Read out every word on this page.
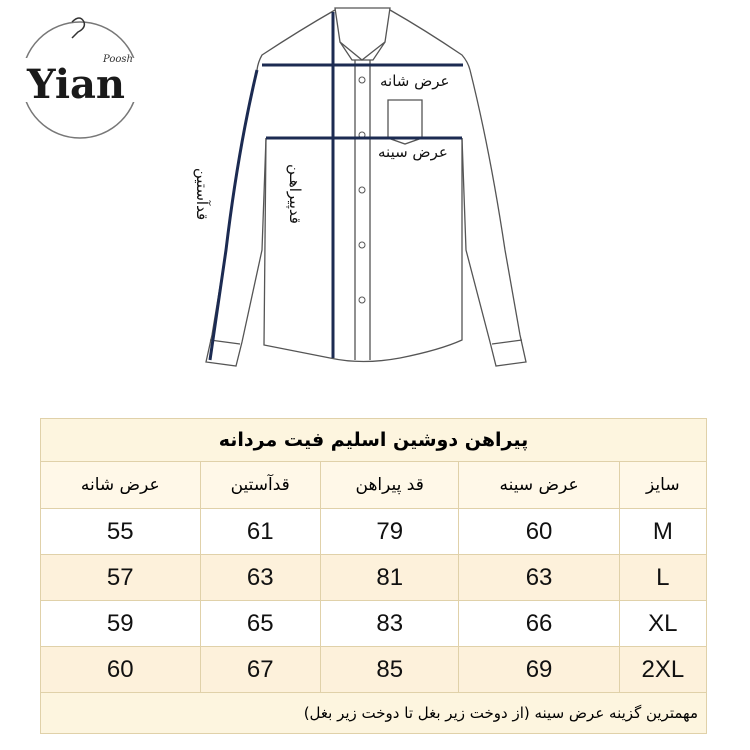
Yian
Poosh
عرض شانه
عرض سینه
قدپیراهـن
قدآستین
پیراهن دوشین اسلیم فیت مردانه				
سایز	عرض سینه	قد پیراهن	قدآستین	عرض شانه
M	60	79	61	55
L	63	81	63	57
XL	66	83	65	59
2XL	69	85	67	60
مهمترین گزینه عرض سینه (از دوخت زیر بغل تا دوخت زیر بغل)				
